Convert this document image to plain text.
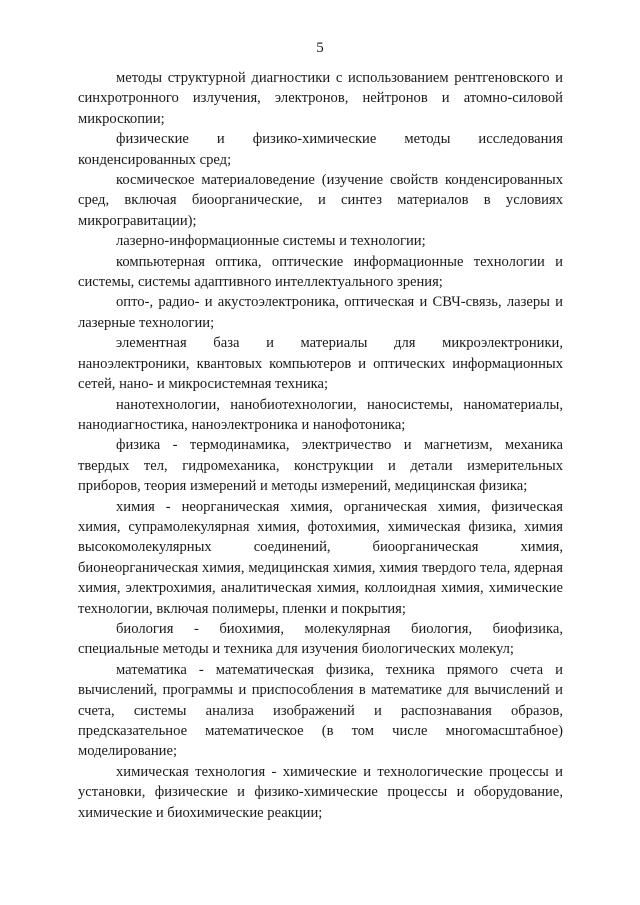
5

методы структурной диагностики с использованием рентгеновского и синхротронного излучения, электронов, нейтронов и атомно-силовой микроскопии;

физические и физико-химические методы исследования конденсированных сред;

космическое материаловедение (изучение свойств конденсированных сред, включая биоорганические, и синтез материалов в условиях микрогравитации);

лазерно-информационные системы и технологии;

компьютерная оптика, оптические информационные технологии и системы, системы адаптивного интеллектуального зрения;

опто-, радио- и акустоэлектроника, оптическая и СВЧ-связь, лазеры и лазерные технологии;

элементная база и материалы для микроэлектроники, наноэлектроники, квантовых компьютеров и оптических информационных сетей, нано- и микросистемная техника;

нанотехнологии, нанобиотехнологии, наносистемы, наноматериалы, нанодиагностика, наноэлектроника и нанофотоника;

физика - термодинамика, электричество и магнетизм, механика твердых тел, гидромеханика, конструкции и детали измерительных приборов, теория измерений и методы измерений, медицинская физика;

химия - неорганическая химия, органическая химия, физическая химия, супрамолекулярная химия, фотохимия, химическая физика, химия высокомолекулярных соединений, биоорганическая химия, бионеорганическая химия, медицинская химия, химия твердого тела, ядерная химия, электрохимия, аналитическая химия, коллоидная химия, химические технологии, включая полимеры, пленки и покрытия;

биология - биохимия, молекулярная биология, биофизика, специальные методы и техника для изучения биологических молекул;

математика - математическая физика, техника прямого счета и вычислений, программы и приспособления в математике для вычислений и счета, системы анализа изображений и распознавания образов, предсказательное математическое (в том числе многомасштабное) моделирование;

химическая технология - химические и технологические процессы и установки, физические и физико-химические процессы и оборудование, химические и биохимические реакции;
